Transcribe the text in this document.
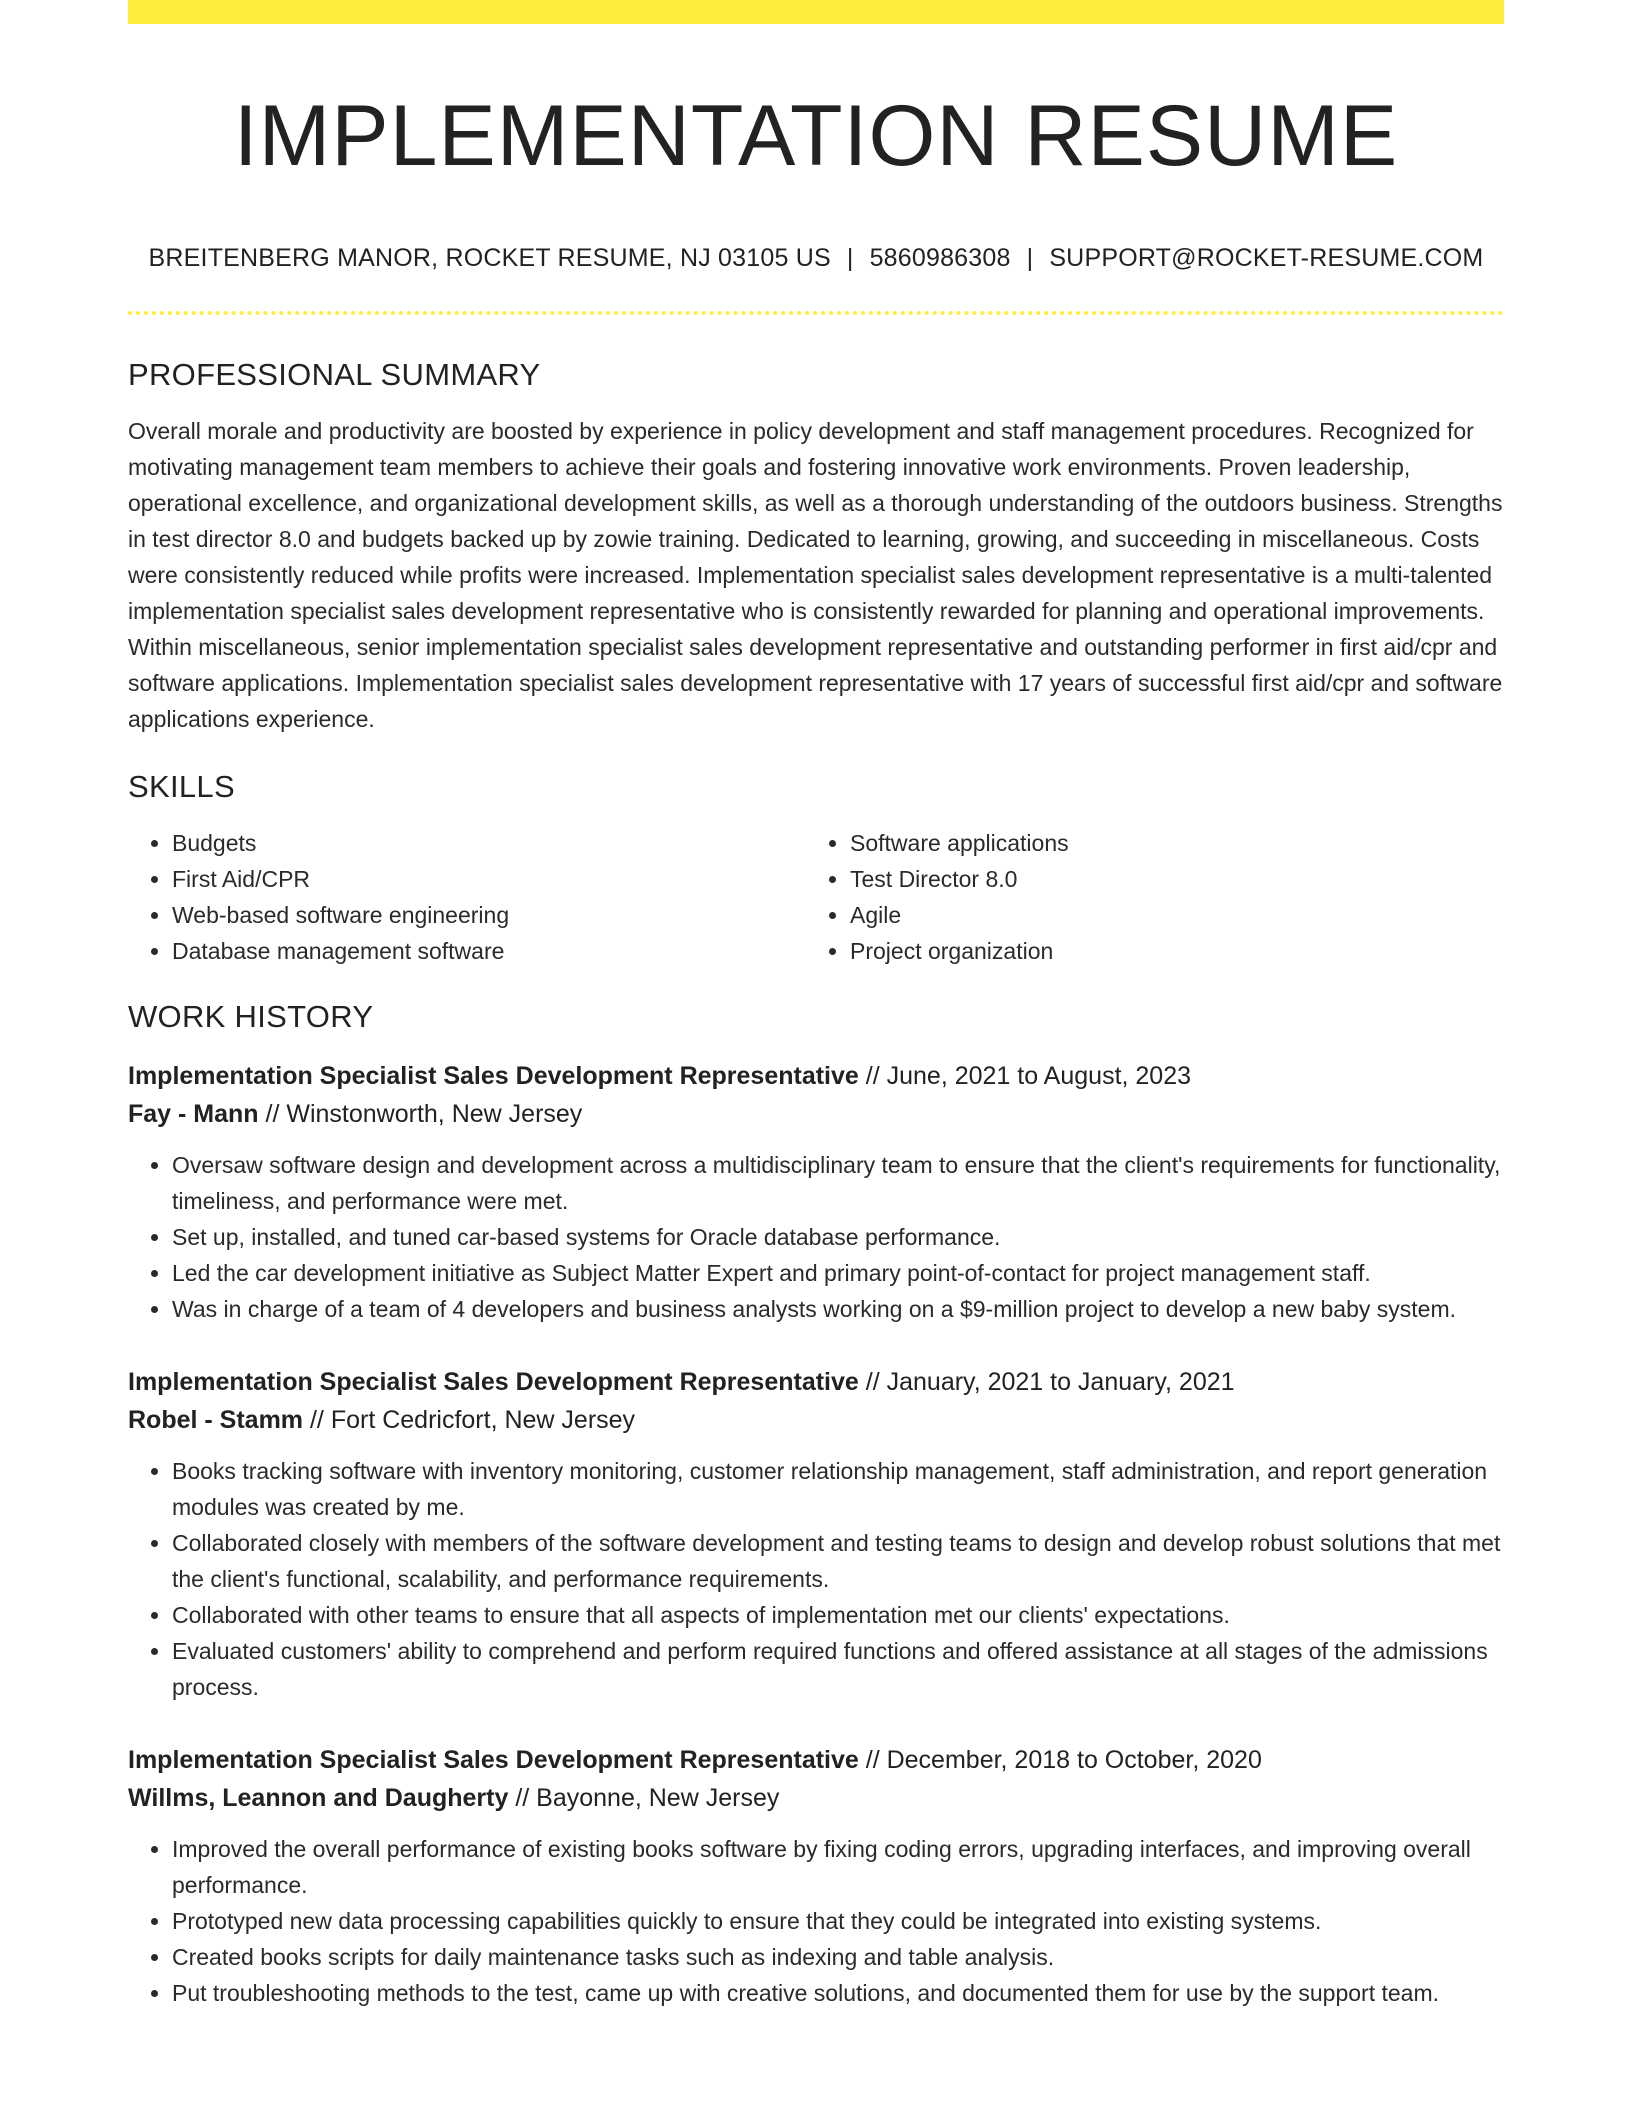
IMPLEMENTATION RESUME
BREITENBERG MANOR, ROCKET RESUME, NJ 03105 US | 5860986308 | SUPPORT@ROCKET-RESUME.COM
PROFESSIONAL SUMMARY

Overall morale and productivity are boosted by experience in policy development and staff management procedures. Recognized for motivating management team members to achieve their goals and fostering innovative work environments. Proven leadership, operational excellence, and organizational development skills, as well as a thorough understanding of the outdoors business. Strengths in test director 8.0 and budgets backed up by zowie training. Dedicated to learning, growing, and succeeding in miscellaneous. Costs were consistently reduced while profits were increased. Implementation specialist sales development representative is a multi-talented implementation specialist sales development representative who is consistently rewarded for planning and operational improvements. Within miscellaneous, senior implementation specialist sales development representative and outstanding performer in first aid/cpr and software applications. Implementation specialist sales development representative with 17 years of successful first aid/cpr and software applications experience.

SKILLS
• Budgets
• First Aid/CPR
• Web-based software engineering
• Database management software
• Software applications
• Test Director 8.0
• Agile
• Project organization
WORK HISTORY
Implementation Specialist Sales Development Representative // June, 2021 to August, 2023
Fay - Mann // Winstonworth, New Jersey
• Oversaw software design and development across a multidisciplinary team to ensure that the client's requirements for functionality, timeliness, and performance were met.
• Set up, installed, and tuned car-based systems for Oracle database performance.
• Led the car development initiative as Subject Matter Expert and primary point-of-contact for project management staff.
• Was in charge of a team of 4 developers and business analysts working on a $9-million project to develop a new baby system.
Implementation Specialist Sales Development Representative // January, 2021 to January, 2021
Robel - Stamm // Fort Cedricfort, New Jersey
• Books tracking software with inventory monitoring, customer relationship management, staff administration, and report generation modules was created by me.
• Collaborated closely with members of the software development and testing teams to design and develop robust solutions that met the client's functional, scalability, and performance requirements.
• Collaborated with other teams to ensure that all aspects of implementation met our clients' expectations.
• Evaluated customers' ability to comprehend and perform required functions and offered assistance at all stages of the admissions process.
Implementation Specialist Sales Development Representative // December, 2018 to October, 2020
Willms, Leannon and Daugherty // Bayonne, New Jersey
• Improved the overall performance of existing books software by fixing coding errors, upgrading interfaces, and improving overall performance.
• Prototyped new data processing capabilities quickly to ensure that they could be integrated into existing systems.
• Created books scripts for daily maintenance tasks such as indexing and table analysis.
• Put troubleshooting methods to the test, came up with creative solutions, and documented them for use by the support team.
